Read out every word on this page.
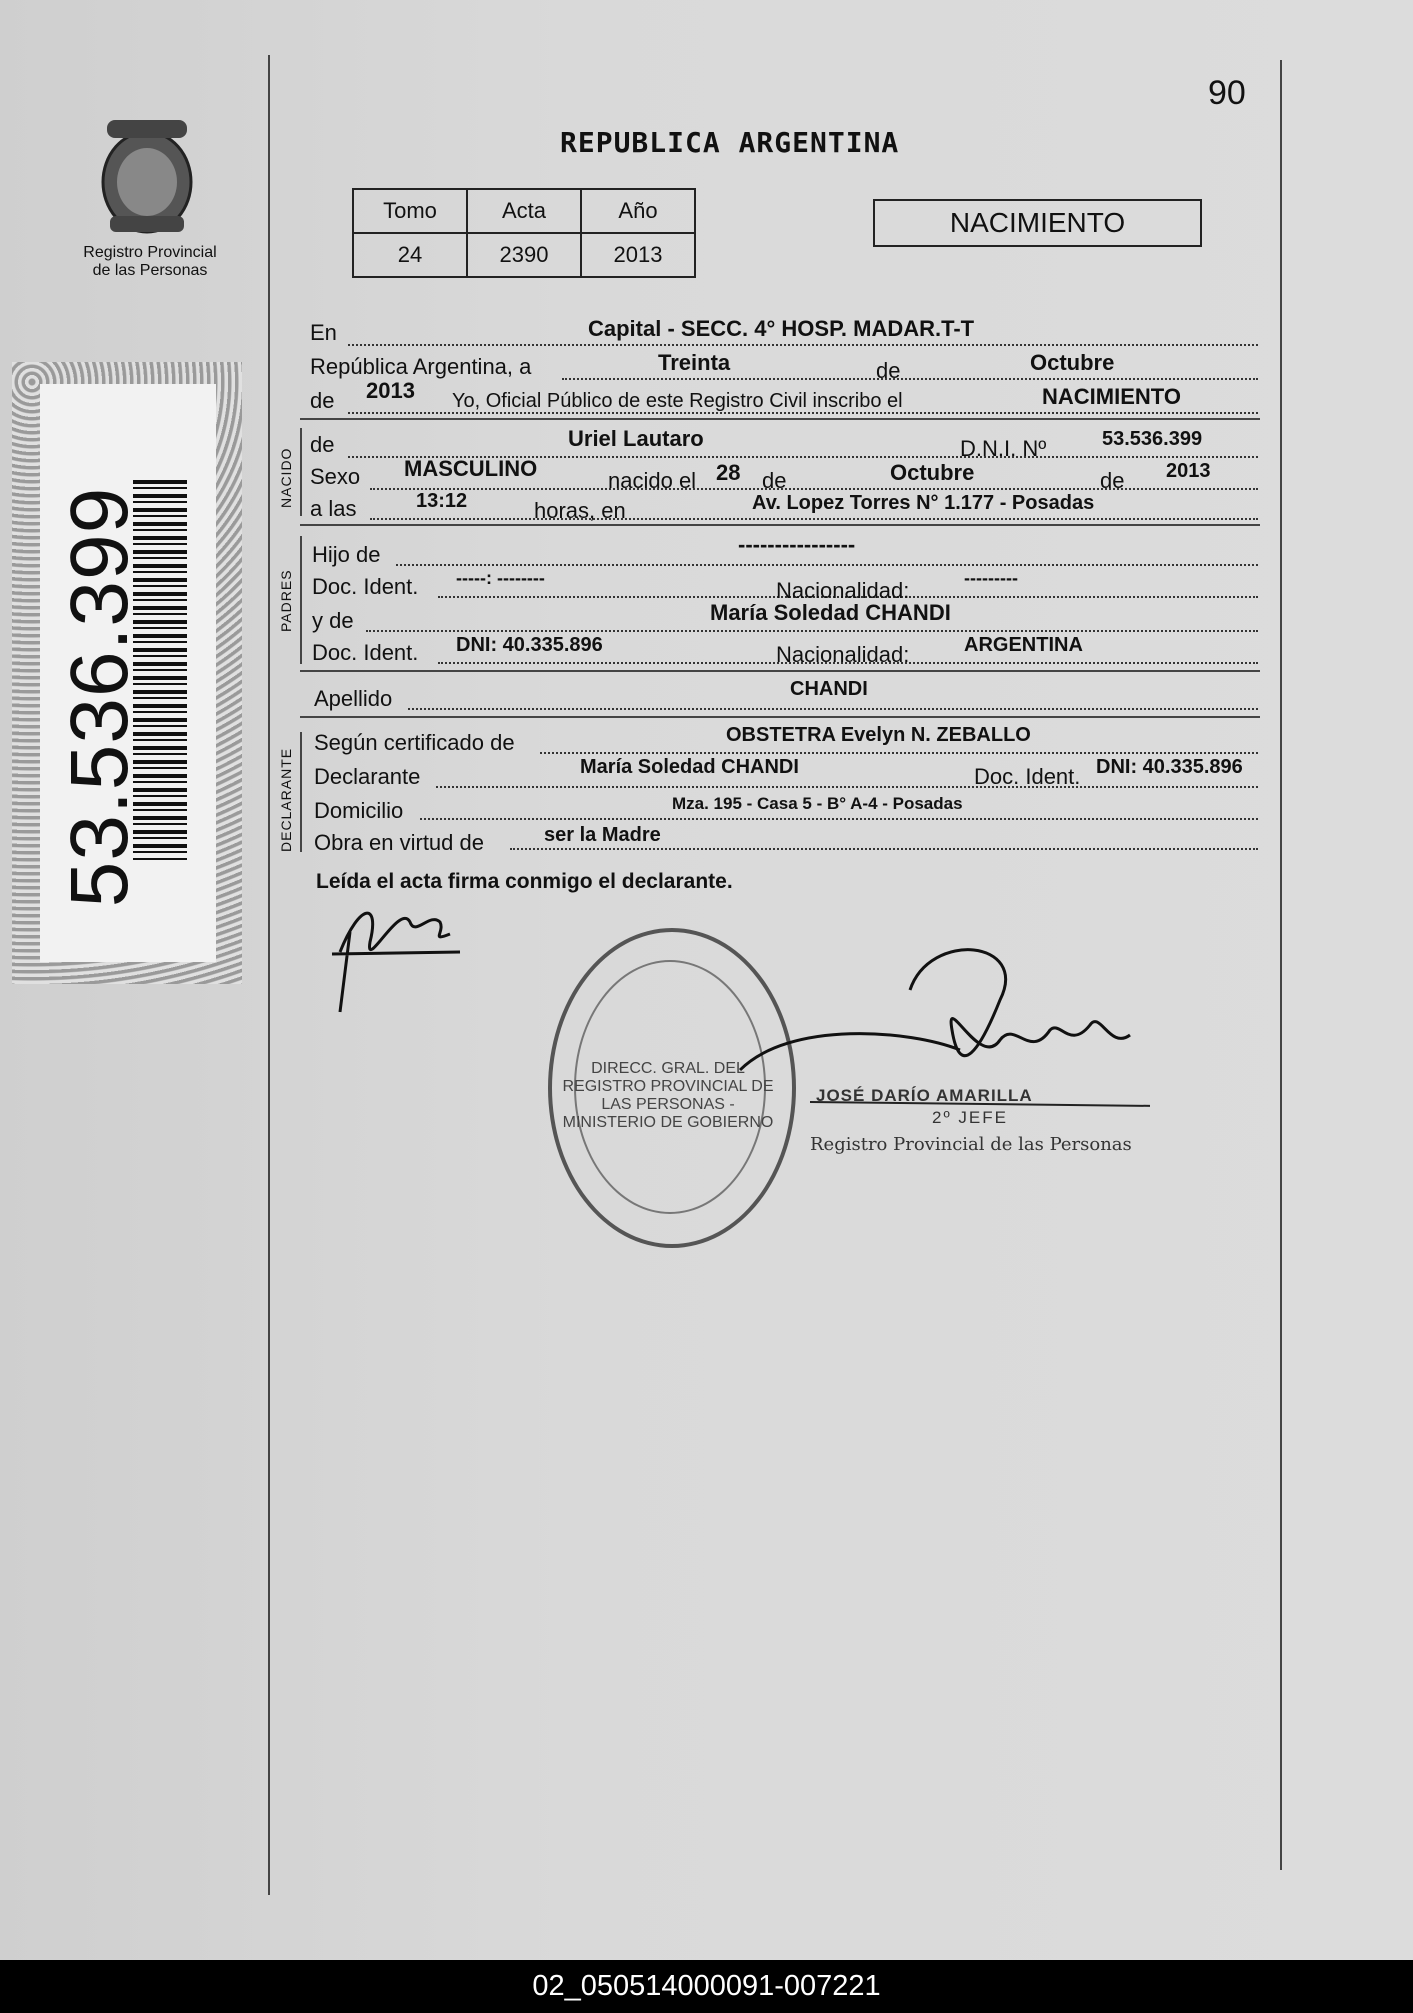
Registro Provincial
de las Personas
53.536.399
90
REPUBLICA ARGENTINA
Tomo	Acta	Año
24	2390	2013
NACIMIENTO
NACIDO
PADRES
DECLARANTE
En	Capital - SECC. 4° HOSP. MADAR.T-T
República Argentina, a	Treinta	de	Octubre
de 2013 Yo, Oficial Público de este Registro Civil inscribo el	NACIMIENTO
de	Uriel Lautaro	D.N.I. Nº	53.536.399
Sexo MASCULINO	nacido el 28 de	Octubre	de 2013
a las	13:12	horas, en	Av. Lopez Torres N° 1.177 - Posadas
Hijo de	----------------
Doc. Ident. -----: --------	Nacionalidad:	---------
y de	María Soledad CHANDI
Doc. Ident. DNI: 40.335.896	Nacionalidad:	ARGENTINA
Apellido	CHANDI
Según certificado de	OBSTETRA Evelyn N. ZEBALLO
Declarante	María Soledad CHANDI	Doc. Ident. DNI: 40.335.896
Domicilio	Mza. 195 - Casa 5 - B° A-4 - Posadas
Obra en virtud de	ser la Madre
Leída el acta firma conmigo el declarante.
DIRECC. GRAL. DEL REGISTRO PROVINCIAL DE LAS PERSONAS - MINISTERIO DE GOBIERNO
JOSÉ DARÍO AMARILLA
2º JEFE
Registro Provincial de las Personas
02_050514000091-007221
